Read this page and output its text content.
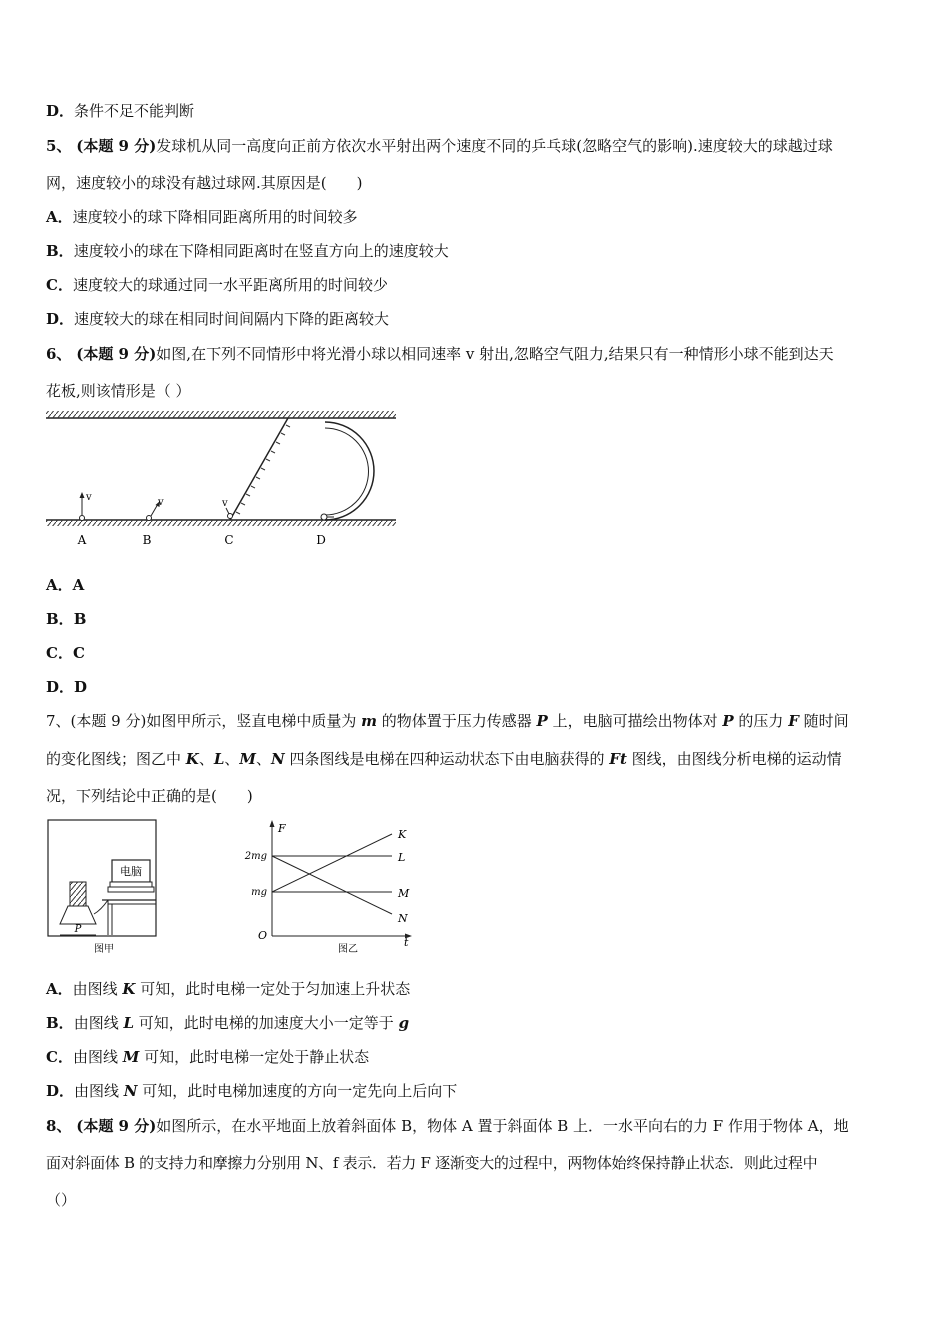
D．条件不足不能判断
5、 (本题 9 分)发球机从同一高度向正前方依次水平射出两个速度不同的乒乓球(忽略空气的影响).速度较大的球越过球
网，速度较小的球没有越过球网.其原因是(　　)
A．速度较小的球下降相同距离所用的时间较多
B．速度较小的球在下降相同距离时在竖直方向上的速度较大
C．速度较大的球通过同一水平距离所用的时间较少
D．速度较大的球在相同时间间隔内下降的距离较大
6、 (本题 9 分)如图,在下列不同情形中将光滑小球以相同速率 v 射出,忽略空气阻力,结果只有一种情形小球不能到达天
花板,则该情形是（ ）
v	v	v
A	B	C	D
A．A
B．B
C．C
D．D
7、(本题 9 分)如图甲所示，竖直电梯中质量为 m 的物体置于压力传感器 P 上，电脑可描绘出物体对 P 的压力 F 随时间
的变化图线；图乙中 K、L、M、N 四条图线是电梯在四种运动状态下由电脑获得的 Ft 图线，由图线分析电梯的运动情
况，下列结论中正确的是(　　)
P
电脑
图甲
F
t
O
2mg
mg
K
L
M
N
图乙
A．由图线 K 可知，此时电梯一定处于匀加速上升状态
B．由图线 L 可知，此时电梯的加速度大小一定等于 g
C．由图线 M 可知，此时电梯一定处于静止状态
D．由图线 N 可知，此时电梯加速度的方向一定先向上后向下
8、 (本题 9 分)如图所示，在水平地面上放着斜面体 B，物体 A 置于斜面体 B 上．一水平向右的力 F 作用于物体 A，地
面对斜面体 B 的支持力和摩擦力分别用 N、f 表示．若力 F 逐渐变大的过程中，两物体始终保持静止状态．则此过程中
（）
